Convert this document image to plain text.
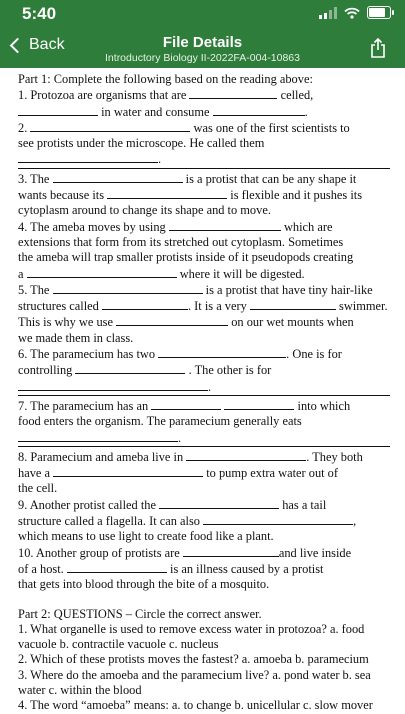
5:40
Back	File Details
Introductory Biology II-2022FA-004-10863

Part 1: Complete the following based on the reading above:

1. Protozoa are organisms that are	celled,
in water and consume	.

2.	was one of the first scientists to
see protists under the microscope. He called them
.

3. The	is a protist that can be any shape it
wants because its	is flexible and it pushes its
cytoplasm around to change its shape and to move.

4. The ameba moves by using	which are
extensions that form from its stretched out cytoplasm. Sometimes
the ameba will trap smaller protists inside of it pseudopods creating
a	where it will be digested.

5. The	is a protist that have tiny hair-like
structures called	. It is a very	swimmer.
This is why we use	on our wet mounts when
we made them in class.

6. The paramecium has two	. One is for
controlling	. The other is for
.

7. The paramecium has an	into which
food enters the organism. The paramecium generally eats
.

8. Paramecium and ameba live in	. They both
have a	to pump extra water out of
the cell.

9. Another protist called the	has a tail
structure called a flagella. It can also	,
which means to use light to create food like a plant.

10. Another group of protists are	and live inside
of a host.	is an illness caused by a protist
that gets into blood through the bite of a mosquito.

Part 2: QUESTIONS – Circle the correct answer.

1. What organelle is used to remove excess water in protozoa? a. food vacuole b. contractile vacuole c. nucleus

2. Which of these protists moves the fastest? a. amoeba b. paramecium

3. Where do the amoeba and the paramecium live? a. pond water b. sea water c. within the blood

4. The word “amoeba” means: a. to change b. unicellular c. slow mover
